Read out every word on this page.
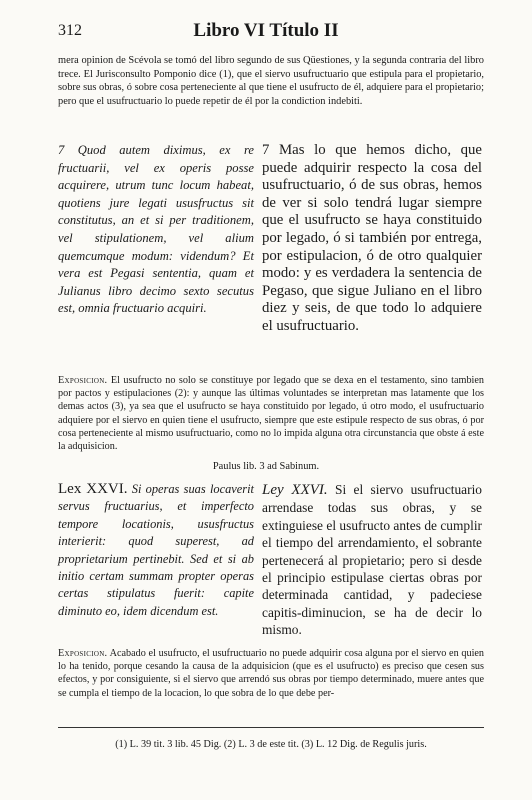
312	Libro VI Título II
mera opinion de Scévola se tomó del libro segundo de sus Qüestiones, y la segunda contraria del libro trece. El Jurisconsulto Pomponio dice (1), que el siervo usufructuario que estipula para el propietario, sobre sus obras, ó sobre cosa perteneciente al que tiene el usufructo de él, adquiere para el propietario; pero que el usufructuario lo puede repetir de él por la condiction indebiti.
7 Quod autem diximus, ex re fructuarii, vel ex operis posse acquirere, utrum tunc locum habeat, quotiens jure legati ususfructus sit constitutus, an et si per traditionem, vel stipulationem, vel alium quemcumque modum: videndum? Et vera est Pegasi sententia, quam et Julianus libro decimo sexto secutus est, omnia fructuario acquiri.
7 Mas lo que hemos dicho, que puede adquirir respecto la cosa del usufructuario, ó de sus obras, hemos de ver si solo tendrá lugar siempre que el usufructo se haya constituido por legado, ó si también por entrega, por estipulacion, ó de otro qualquier modo: y es verdadera la sentencia de Pegaso, que sigue Juliano en el libro diez y seis, de que todo lo adquiere el usufructuario.
Exposicion. El usufructo no solo se constituye por legado que se dexa en el testamento, sino tambien por pactos y estipulaciones (2): y aunque las últimas voluntades se interpretan mas latamente que los demas actos (3), ya sea que el usufructo se haya constituido por legado, ú otro modo, el usufructuario adquiere por el siervo en quien tiene el usufructo, siempre que este estipule respecto de sus obras, ó por cosa perteneciente al mismo usufructuario, como no lo impida alguna otra circunstancia que obste á este la adquisicion.
Paulus lib. 3 ad Sabinum.
Lex XXVI. Si operas suas locaverit servus fructuarius, et imperfecto tempore locationis, ususfructus interierit: quod superest, ad proprietarium pertinebit. Sed et si ab initio certam summam propter operas certas stipulatus fuerit: capite diminuto eo, idem dicendum est.
Ley XXVI. Si el siervo usufructuario arrendase todas sus obras, y se extinguiese el usufructo antes de cumplir el tiempo del arrendamiento, el sobrante pertenecerá al propietario; pero si desde el principio estipulase ciertas obras por determinada cantidad, y padeciese capitis-diminucion, se ha de decir lo mismo.
Exposicion. Acabado el usufructo, el usufructuario no puede adquirir cosa alguna por el siervo en quien lo ha tenido, porque cesando la causa de la adquisicion (que es el usufructo) es preciso que cesen sus efectos, y por consiguiente, si el siervo que arrendó sus obras por tiempo determinado, muere antes que se cumpla el tiempo de la locacion, lo que sobra de lo que debe per-
(1) L. 39 tit. 3 lib. 45 Dig. (2) L. 3 de este tit. (3) L. 12 Dig. de Regulis juris.
